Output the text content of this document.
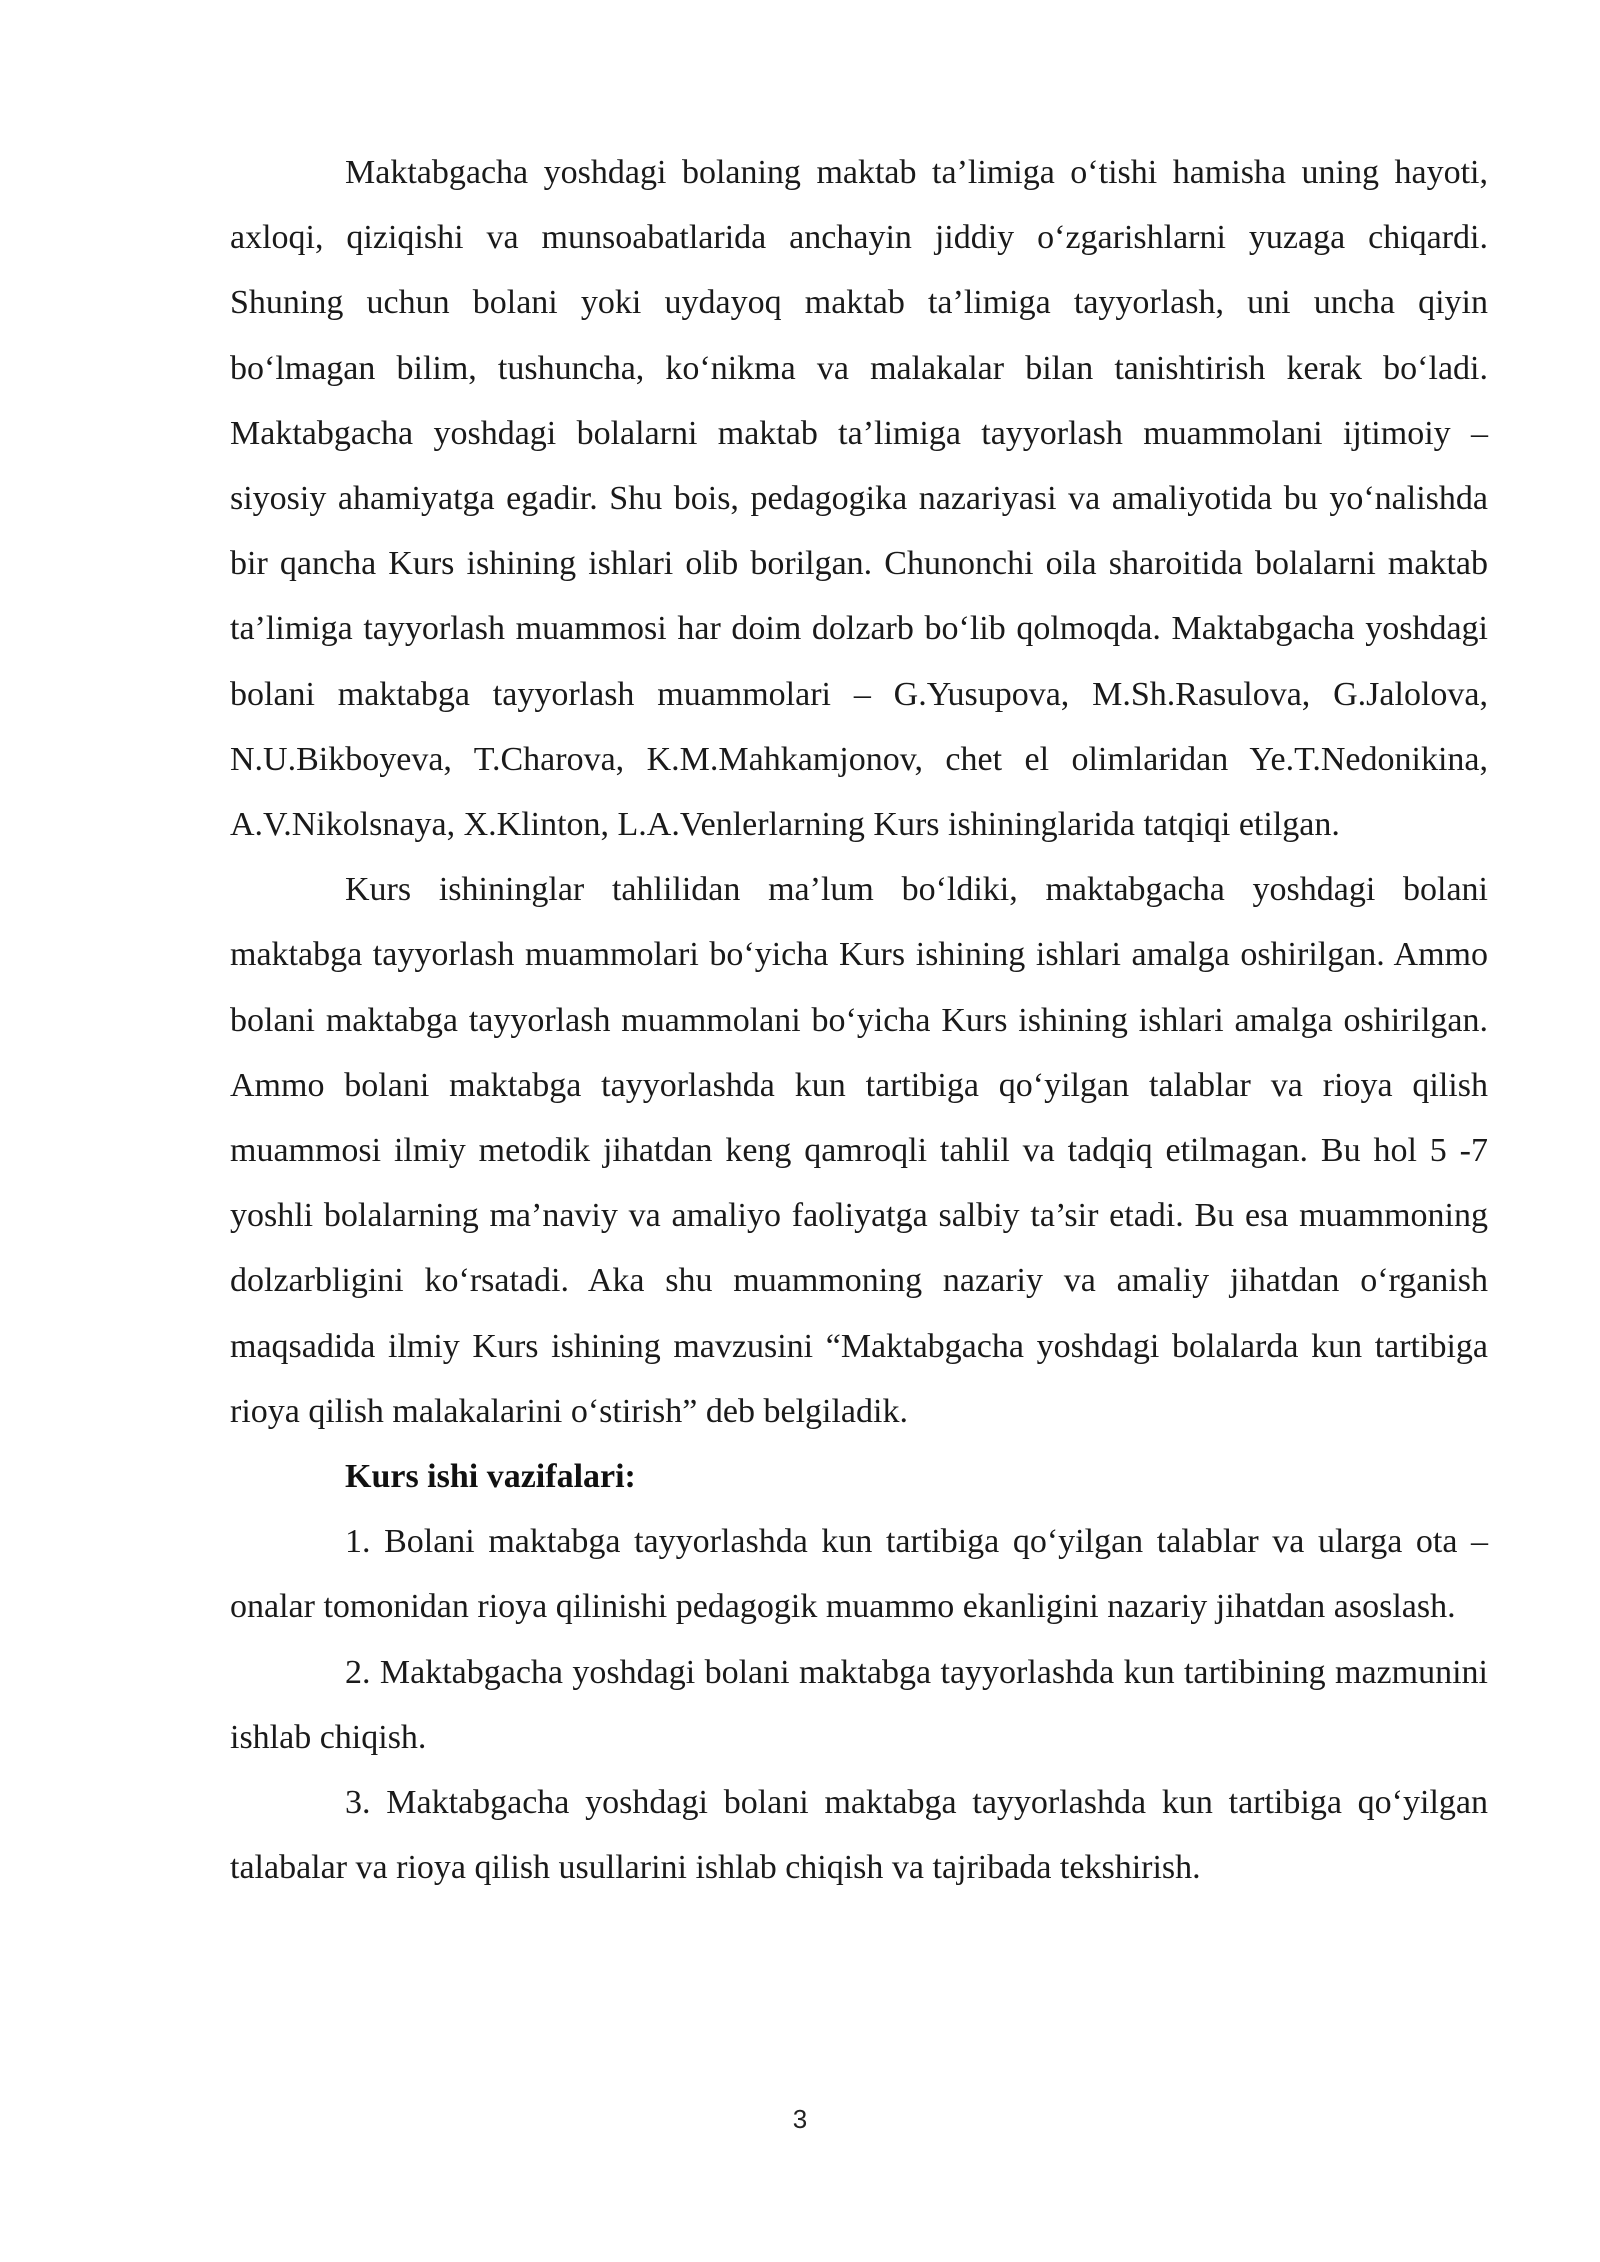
Maktabgacha yoshdagi bolaning maktab ta’limiga o‘tishi hamisha uning hayoti, axloqi, qiziqishi va munsoabatlarida anchayin jiddiy o‘zgarishlarni yuzaga chiqardi. Shuning uchun bolani yoki uydayoq maktab ta’limiga tayyorlash, uni uncha qiyin bo‘lmagan bilim, tushuncha, ko‘nikma va malakalar bilan tanishtirish kerak bo‘ladi. Maktabgacha yoshdagi bolalarni maktab ta’limiga tayyorlash muammolani ijtimoiy –siyosiy ahamiyatga egadir. Shu bois, pedagogika nazariyasi va amaliyotida bu yo‘nalishda bir qancha Kurs ishining ishlari olib borilgan. Chunonchi oila sharoitida bolalarni maktab ta’limiga tayyorlash muammosi har doim dolzarb bo‘lib qolmoqda. Maktabgacha yoshdagi bolani maktabga tayyorlash muammolari – G.Yusupova, M.Sh.Rasulova, G.Jalolova, N.U.Bikboyeva, T.Charova, K.M.Mahkamjonov, chet el olimlaridan Ye.T.Nedonikina, A.V.Nikolsnaya, X.Klinton, L.A.Venlerlarning Kurs ishininglarida tatqiqi etilgan.

Kurs ishininglar tahlilidan ma’lum bo‘ldiki, maktabgacha yoshdagi bolani maktabga tayyorlash muammolari bo‘yicha Kurs ishining ishlari amalga oshirilgan. Ammo bolani maktabga tayyorlash muammolani bo‘yicha Kurs ishining ishlari amalga oshirilgan. Ammo bolani maktabga tayyorlashda kun tartibiga qo‘yilgan talablar va rioya qilish muammosi ilmiy metodik jihatdan keng qamroqli tahlil va tadqiq etilmagan. Bu hol 5 -7 yoshli bolalarning ma’naviy va amaliyo faoliyatga salbiy ta’sir etadi. Bu esa muammoning dolzarbligini ko‘rsatadi. Aka shu muammoning nazariy va amaliy jihatdan o‘rganish maqsadida ilmiy Kurs ishining mavzusini “Maktabgacha yoshdagi bolalarda kun tartibiga rioya qilish malakalarini o‘stirish” deb belgiladik.

Kurs ishi vazifalari:

1. Bolani maktabga tayyorlashda kun tartibiga qo‘yilgan talablar va ularga ota –onalar tomonidan rioya qilinishi pedagogik muammo ekanligini nazariy jihatdan asoslash.

2. Maktabgacha yoshdagi bolani maktabga tayyorlashda kun tartibining mazmunini ishlab chiqish.

3. Maktabgacha yoshdagi bolani maktabga tayyorlashda kun tartibiga qo‘yilgan talabalar va rioya qilish usullarini ishlab chiqish va tajribada tekshirish.

3
